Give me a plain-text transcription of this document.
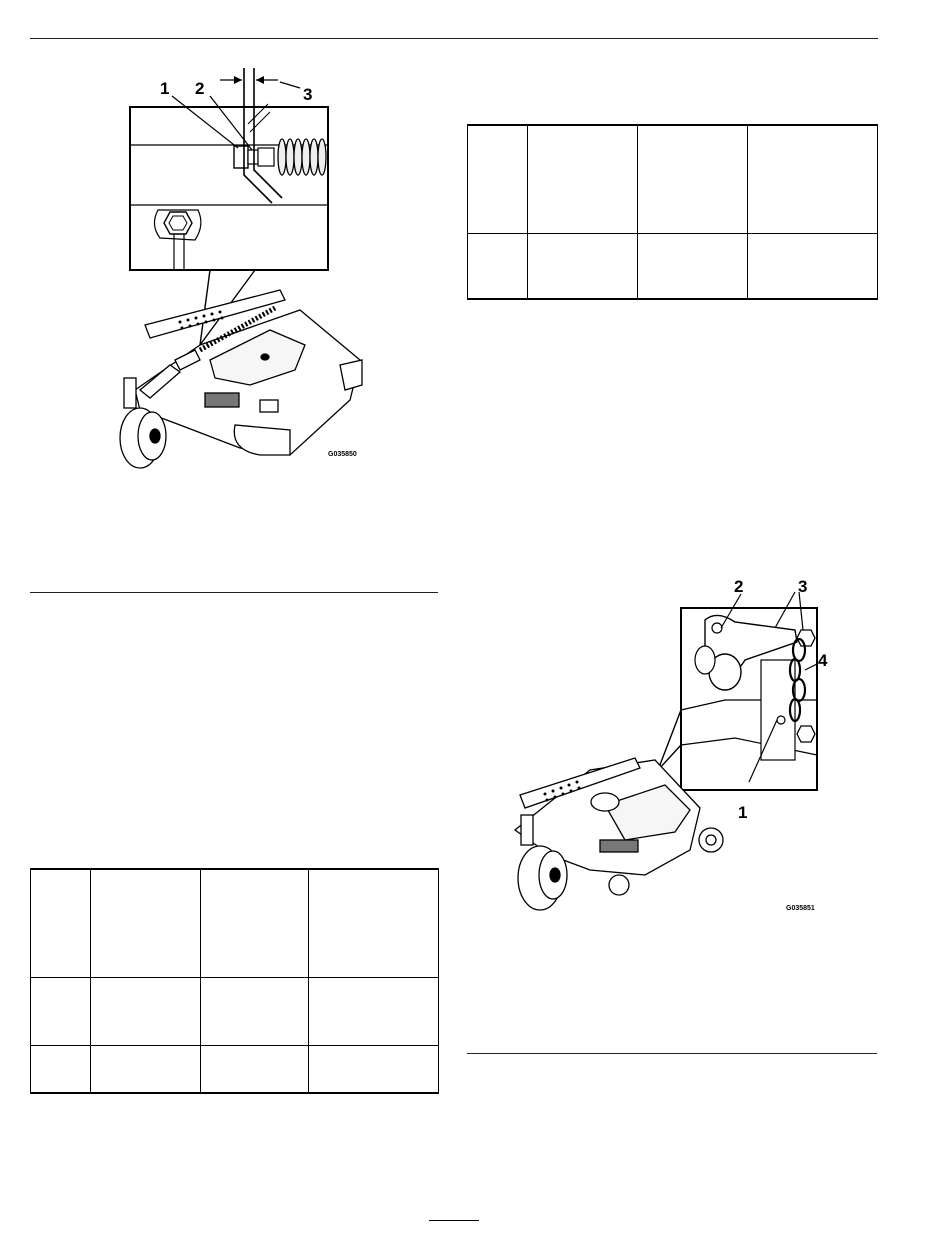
1 2	3
G035850

2	3
4
1
G035851
